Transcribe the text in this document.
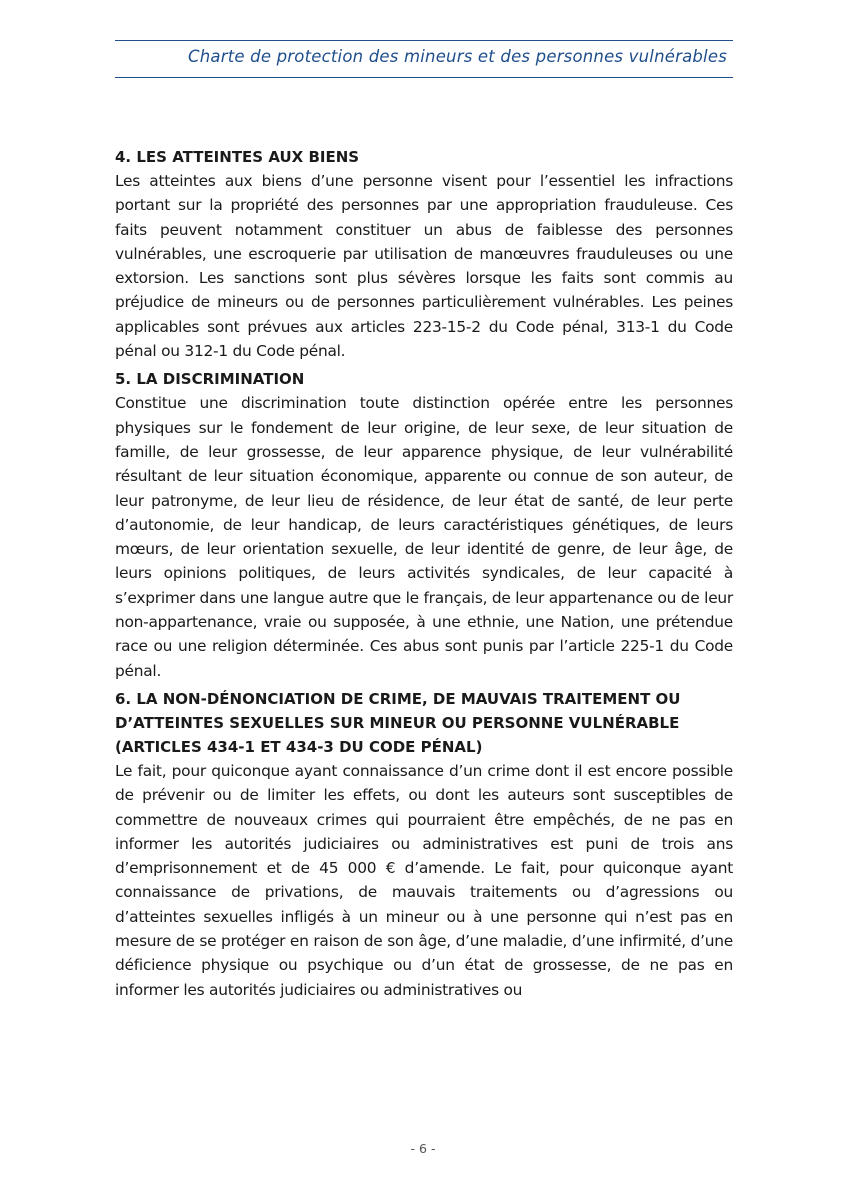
Charte de protection des mineurs et des personnes vulnérables

4. LES ATTEINTES AUX BIENS

Les atteintes aux biens d’une personne visent pour l’essentiel les infractions portant sur la propriété des personnes par une appropriation frauduleuse. Ces faits peuvent notamment constituer un abus de faiblesse des personnes vulnérables, une escroquerie par utilisation de manœuvres frauduleuses ou une extorsion. Les sanctions sont plus sévères lorsque les faits sont commis au préjudice de mineurs ou de personnes particulièrement vulnérables. Les peines applicables sont prévues aux articles 223-15-2 du Code pénal, 313-1 du Code pénal ou 312-1 du Code pénal.

5. LA DISCRIMINATION

Constitue une discrimination toute distinction opérée entre les personnes physiques sur le fondement de leur origine, de leur sexe, de leur situation de famille, de leur grossesse, de leur apparence physique, de leur vulnérabilité résultant de leur situation économique, apparente ou connue de son auteur, de leur patronyme, de leur lieu de résidence, de leur état de santé, de leur perte d’autonomie, de leur handicap, de leurs caractéristiques génétiques, de leurs mœurs, de leur orientation sexuelle, de leur identité de genre, de leur âge, de leurs opinions politiques, de leurs activités syndicales, de leur capacité à s’exprimer dans une langue autre que le français, de leur appartenance ou de leur non-appartenance, vraie ou supposée, à une ethnie, une Nation, une prétendue race ou une religion déterminée. Ces abus sont punis par l’article 225-1 du Code pénal.

6. LA NON-DÉNONCIATION DE CRIME, DE MAUVAIS TRAITEMENT OU D’ATTEINTES SEXUELLES SUR MINEUR OU PERSONNE VULNÉRABLE (ARTICLES 434-1 ET 434-3 DU CODE PÉNAL)

Le fait, pour quiconque ayant connaissance d’un crime dont il est encore possible de prévenir ou de limiter les effets, ou dont les auteurs sont susceptibles de commettre de nouveaux crimes qui pourraient être empêchés, de ne pas en informer les autorités judiciaires ou administratives est puni de trois ans d’emprisonnement et de 45 000 € d’amende. Le fait, pour quiconque ayant connaissance de privations, de mauvais traitements ou d’agressions ou d’atteintes sexuelles infligés à un mineur ou à une personne qui n’est pas en mesure de se protéger en raison de son âge, d’une maladie, d’une infirmité, d’une déficience physique ou psychique ou d’un état de grossesse, de ne pas en informer les autorités judiciaires ou administratives ou

- 6 -
